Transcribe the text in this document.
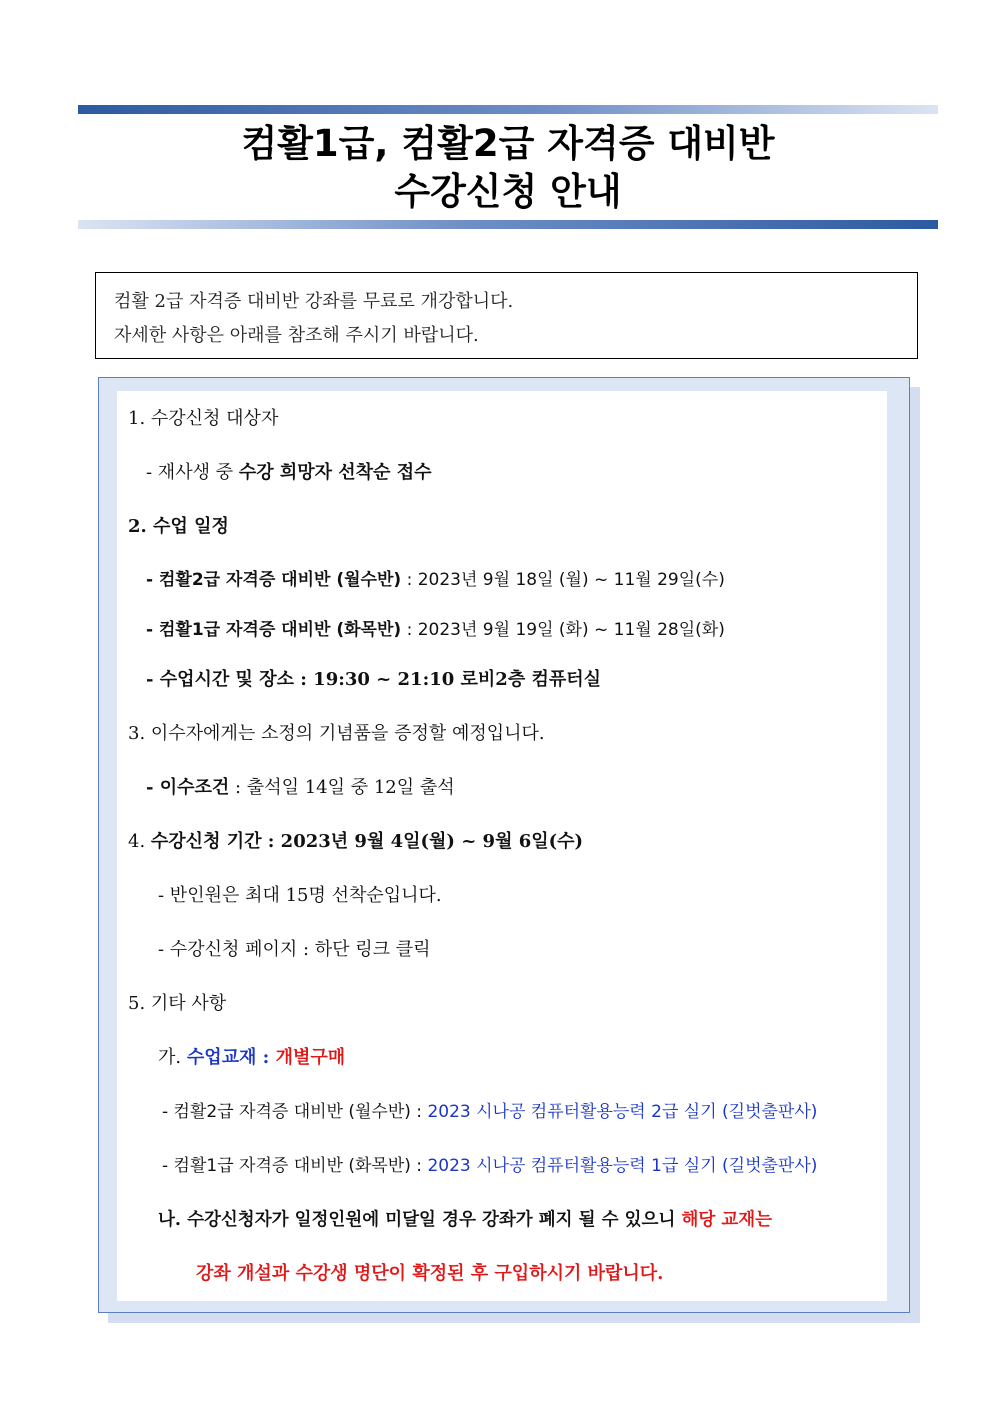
컴활1급, 컴활2급 자격증 대비반
수강신청 안내
컴활 2급 자격증 대비반 강좌를 무료로 개강합니다.
자세한 사항은 아래를 참조해 주시기 바랍니다.
1. 수강신청 대상자
- 재사생 중 수강 희망자 선착순 접수
2. 수업 일정
- 컴활2급 자격증 대비반 (월수반) : 2023년 9월 18일 (월) ~ 11월 29일(수)
- 컴활1급 자격증 대비반 (화목반) : 2023년 9월 19일 (화) ~ 11월 28일(화)
- 수업시간 및 장소 : 19:30 ~ 21:10 로비2층 컴퓨터실
3. 이수자에게는 소정의 기념품을 증정할 예정입니다.
- 이수조건 : 출석일 14일 중 12일 출석
4. 수강신청 기간 : 2023년 9월 4일(월) ~ 9월 6일(수)
- 반인원은 최대 15명 선착순입니다.
- 수강신청 페이지 : 하단 링크 클릭
5. 기타 사항
가. 수업교재 : 개별구매
- 컴활2급 자격증 대비반 (월수반) : 2023 시나공 컴퓨터활용능력 2급 실기 (길벗출판사)
- 컴활1급 자격증 대비반 (화목반) : 2023 시나공 컴퓨터활용능력 1급 실기 (길벗출판사)
나. 수강신청자가 일정인원에 미달일 경우 강좌가 폐지 될 수 있으니 해당 교재는
강좌 개설과 수강생 명단이 확정된 후 구입하시기 바랍니다.
